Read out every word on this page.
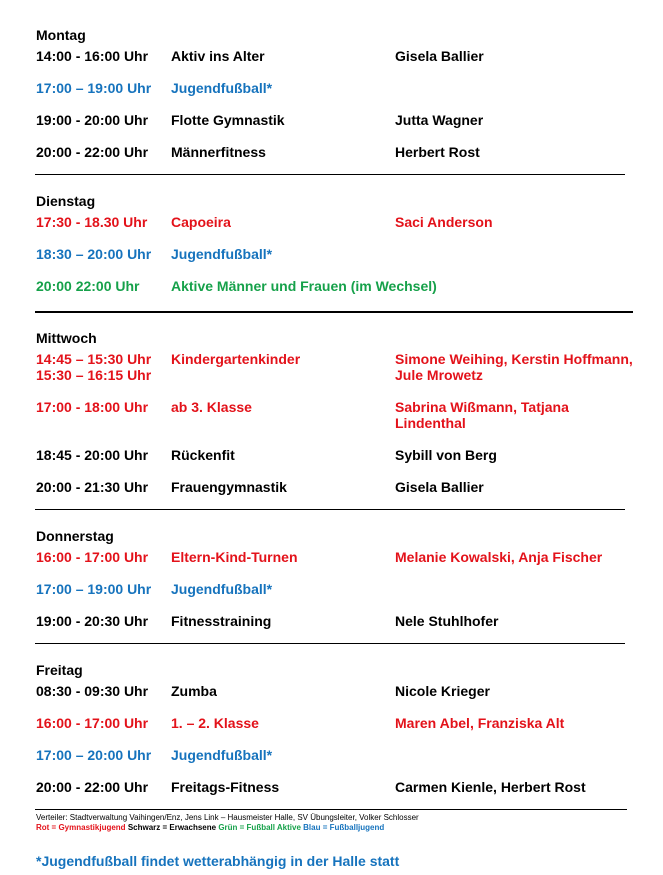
Montag
14:00 - 16:00 Uhr Aktiv ins Alter	Gisela Ballier
17:00 – 19:00 Uhr Jugendfußball*
19:00 - 20:00 Uhr Flotte Gymnastik	Jutta Wagner
20:00 - 22:00 Uhr Männerfitness	Herbert Rost
Dienstag
17:30 - 18.30 Uhr Capoeira	Saci Anderson
18:30 – 20:00 Uhr Jugendfußball*
20:00 22:00 Uhr Aktive Männer und Frauen (im Wechsel)
Mittwoch
14:45 – 15:30 Uhr
15:30 – 16:15 Uhr
Kindergartenkinder	Simone Weihing, Kerstin Hoffmann,
Jule Mrowetz
17:00 - 18:00 Uhr ab 3. Klasse	Sabrina Wißmann, Tatjana
Lindenthal
18:45 - 20:00 Uhr Rückenfit	Sybill von Berg
20:00 - 21:30 Uhr Frauengymnastik	Gisela Ballier
Donnerstag
16:00 - 17:00 Uhr Eltern-Kind-Turnen	Melanie Kowalski, Anja Fischer
17:00 – 19:00 Uhr Jugendfußball*
19:00 - 20:30 Uhr Fitnesstraining	Nele Stuhlhofer
Freitag
08:30 - 09:30 Uhr Zumba	Nicole Krieger
16:00 - 17:00 Uhr 1. – 2. Klasse	Maren Abel, Franziska Alt
17:00 – 20:00 Uhr Jugendfußball*
20:00 - 22:00 Uhr Freitags-Fitness	Carmen Kienle, Herbert Rost
Verteiler: Stadtverwaltung Vaihingen/Enz, Jens Link – Hausmeister Halle, SV Übungsleiter, Volker Schlosser
Rot = Gymnastikjugend Schwarz = Erwachsene Grün = Fußball Aktive Blau = Fußballjugend
*Jugendfußball findet wetterabhängig in der Halle statt
